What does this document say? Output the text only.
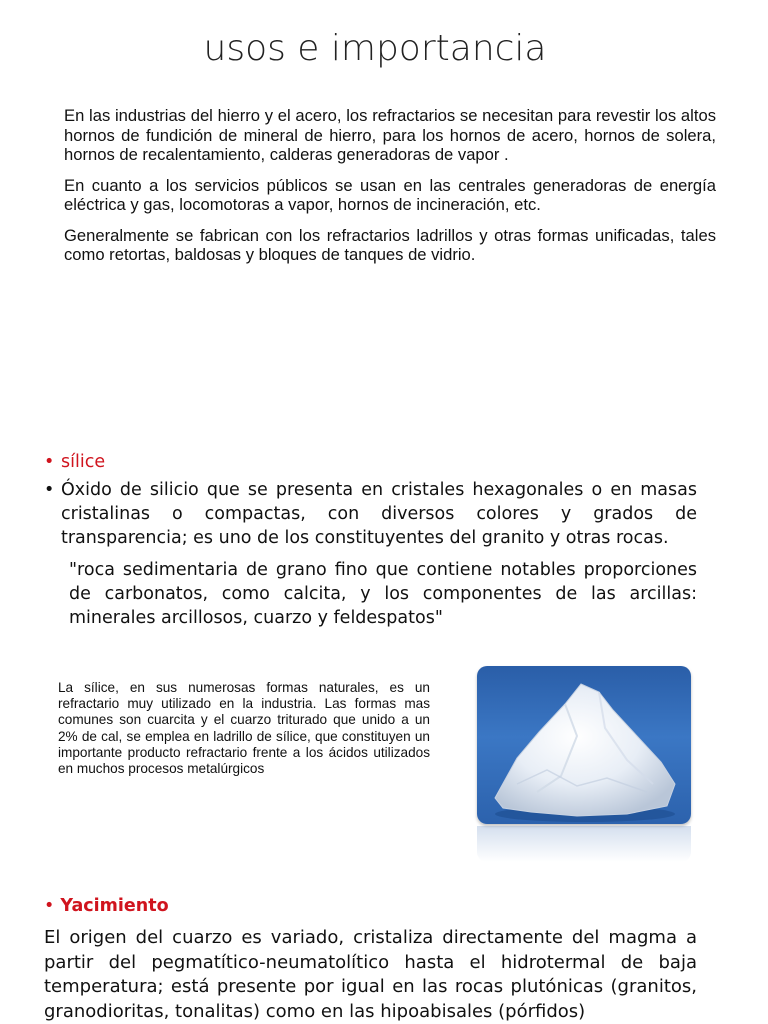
usos e importancia

En las industrias del hierro y el acero, los refractarios se necesitan para revestir los altos hornos de fundición de mineral de hierro, para los hornos de acero, hornos de solera, hornos de recalentamiento, calderas generadoras de vapor .

En cuanto a los servicios públicos se usan en las centrales generadoras de energía eléctrica y gas, locomotoras a vapor, hornos de incineración, etc.

Generalmente se fabrican con los refractarios ladrillos y otras formas unificadas, tales como retortas, baldosas y bloques de tanques de vidrio.

• sílice
• Óxido de silicio que se presenta en cristales hexagonales o en masas cristalinas o compactas, con diversos colores y grados de transparencia; es uno de los constituyentes del granito y otras rocas.
"roca sedimentaria de grano fino que contiene notables proporciones de carbonatos, como calcita, y los componentes de las arcillas: minerales arcillosos, cuarzo y feldespatos"
La sílice, en sus numerosas formas naturales, es un refractario muy utilizado en la industria. Las formas mas comunes son cuarcita y el cuarzo triturado que unido a un 2% de cal, se emplea en ladrillo de sílice, que constituyen un importante producto refractario frente a los ácidos utilizados en muchos procesos metalúrgicos
• Yacimiento
El origen del cuarzo es variado, cristaliza directamente del magma a partir del pegmatítico-neumatolítico hasta el hidrotermal de baja temperatura; está presente por igual en las rocas plutónicas (granitos, granodioritas, tonalitas) como en las hipoabisales (pórfidos)
